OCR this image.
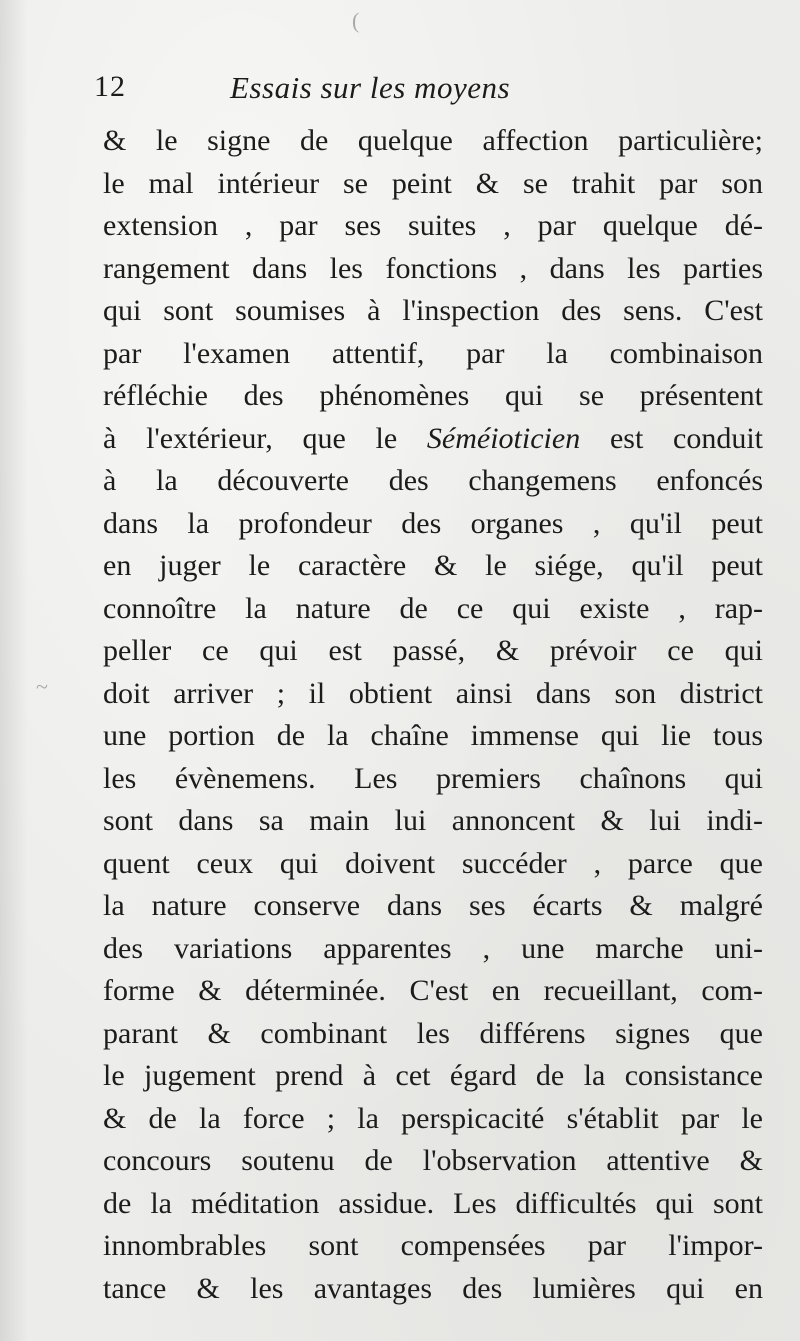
12	Essais sur les moyens
& le signe de quelque affection particulière;
le mal intérieur se peint & se trahit par son
extension , par ses suites , par quelque dé-
rangement dans les fonctions , dans les parties
qui sont soumises à l'inspection des sens. C'est
par l'examen attentif, par la combinaison
réfléchie des phénomènes qui se présentent
à l'extérieur, que le Séméioticien est conduit
à la découverte des changemens enfoncés
dans la profondeur des organes , qu'il peut
en juger le caractère & le siége, qu'il peut
connoître la nature de ce qui existe , rap-
peller ce qui est passé, & prévoir ce qui
doit arriver ; il obtient ainsi dans son district
une portion de la chaîne immense qui lie tous
les évènemens. Les premiers chaînons qui
sont dans sa main lui annoncent & lui indi-
quent ceux qui doivent succéder , parce que
la nature conserve dans ses écarts & malgré
des variations apparentes , une marche uni-
forme & déterminée. C'est en recueillant, com-
parant & combinant les différens signes que
le jugement prend à cet égard de la consistance
& de la force ; la perspicacité s'établit par le
concours soutenu de l'observation attentive &
de la méditation assidue. Les difficultés qui sont
innombrables sont compensées par l'impor-
tance & les avantages des lumières qui en
(
~
